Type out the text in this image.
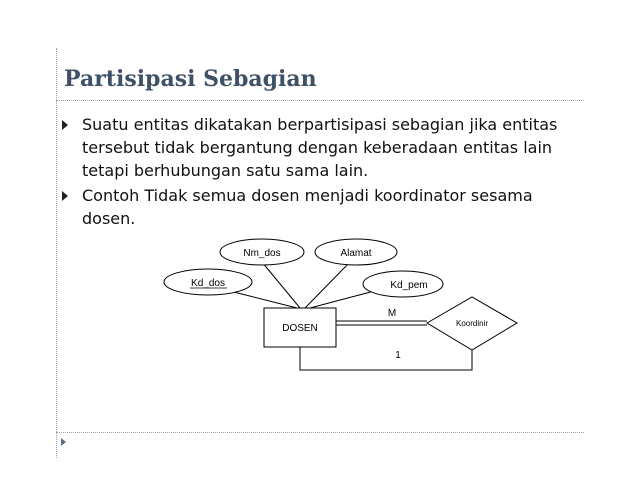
Partisipasi Sebagian
Suatu entitas dikatakan berpartisipasi sebagian jika entitas tersebut tidak bergantung dengan keberadaan entitas lain tetapi berhubungan satu sama lain.
Contoh Tidak semua dosen menjadi koordinator sesama dosen.
DOSEN
Nm_dos	Alamat
Kd_dos	Kd_pem
Koordinir
M
1
